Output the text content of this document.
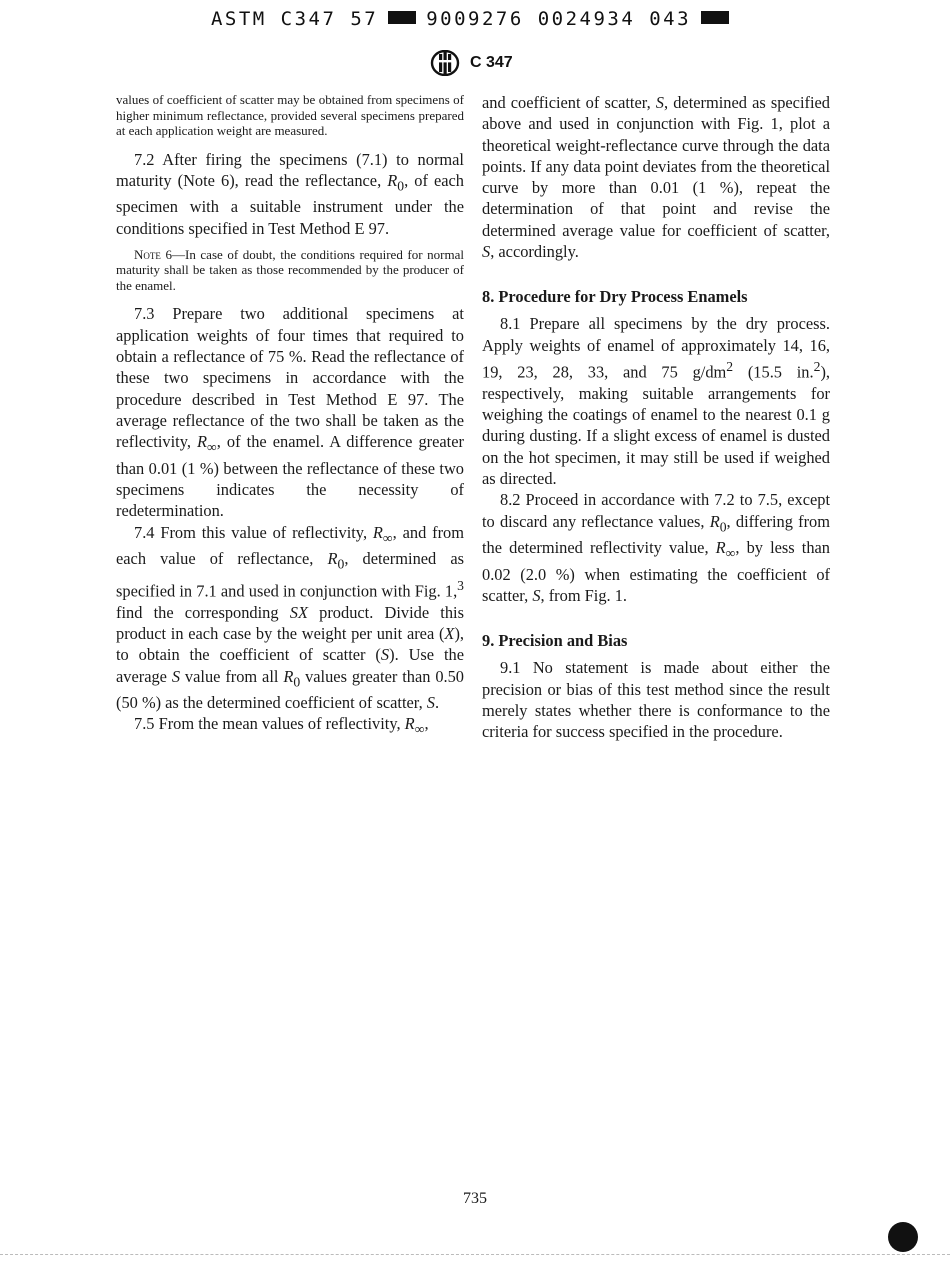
ASTM C347 57	9009276 0024934 043
C 347

values of coefficient of scatter may be obtained from specimens of higher minimum reflectance, provided several specimens prepared at each application weight are measured.

7.2 After firing the specimens (7.1) to normal maturity (Note 6), read the reflectance, $R_0$, of each specimen with a suitable instrument under the conditions specified in Test Method E 97.

Note 6—In case of doubt, the conditions required for normal maturity shall be taken as those recommended by the producer of the enamel.

7.3 Prepare two additional specimens at application weights of four times that required to obtain a reflectance of 75 %. Read the reflectance of these two specimens in accordance with the procedure described in Test Method E 97. The average reflectance of the two shall be taken as the reflectivity, $R_\infty$, of the enamel. A difference greater than 0.01 (1 %) between the reflectance of these two specimens indicates the necessity of redetermination.

7.4 From this value of reflectivity, $R_\infty$, and from each value of reflectance, $R_0$, determined as specified in 7.1 and used in conjunction with Fig. 1,$^3$ find the corresponding SX product. Divide this product in each case by the weight per unit area (X), to obtain the coefficient of scatter (S). Use the average S value from all $R_0$ values greater than 0.50 (50 %) as the determined coefficient of scatter, S.

7.5 From the mean values of reflectivity, $R_\infty$,

and coefficient of scatter, S, determined as specified above and used in conjunction with Fig. 1, plot a theoretical weight-reflectance curve through the data points. If any data point deviates from the theoretical curve by more than 0.01 (1 %), repeat the determination of that point and revise the determined average value for coefficient of scatter, S, accordingly.

8. Procedure for Dry Process Enamels

8.1 Prepare all specimens by the dry process. Apply weights of enamel of approximately 14, 16, 19, 23, 28, 33, and 75 $g/dm^2$ (15.5 in.$^2$), respectively, making suitable arrangements for weighing the coatings of enamel to the nearest 0.1 g during dusting. If a slight excess of enamel is dusted on the hot specimen, it may still be used if weighed as directed.

8.2 Proceed in accordance with 7.2 to 7.5, except to discard any reflectance values, $R_0$, differing from the determined reflectivity value, $R_\infty$, by less than 0.02 (2.0 %) when estimating the coefficient of scatter, S, from Fig. 1.

9. Precision and Bias

9.1 No statement is made about either the precision or bias of this test method since the result merely states whether there is conformance to the criteria for success specified in the procedure.

735
